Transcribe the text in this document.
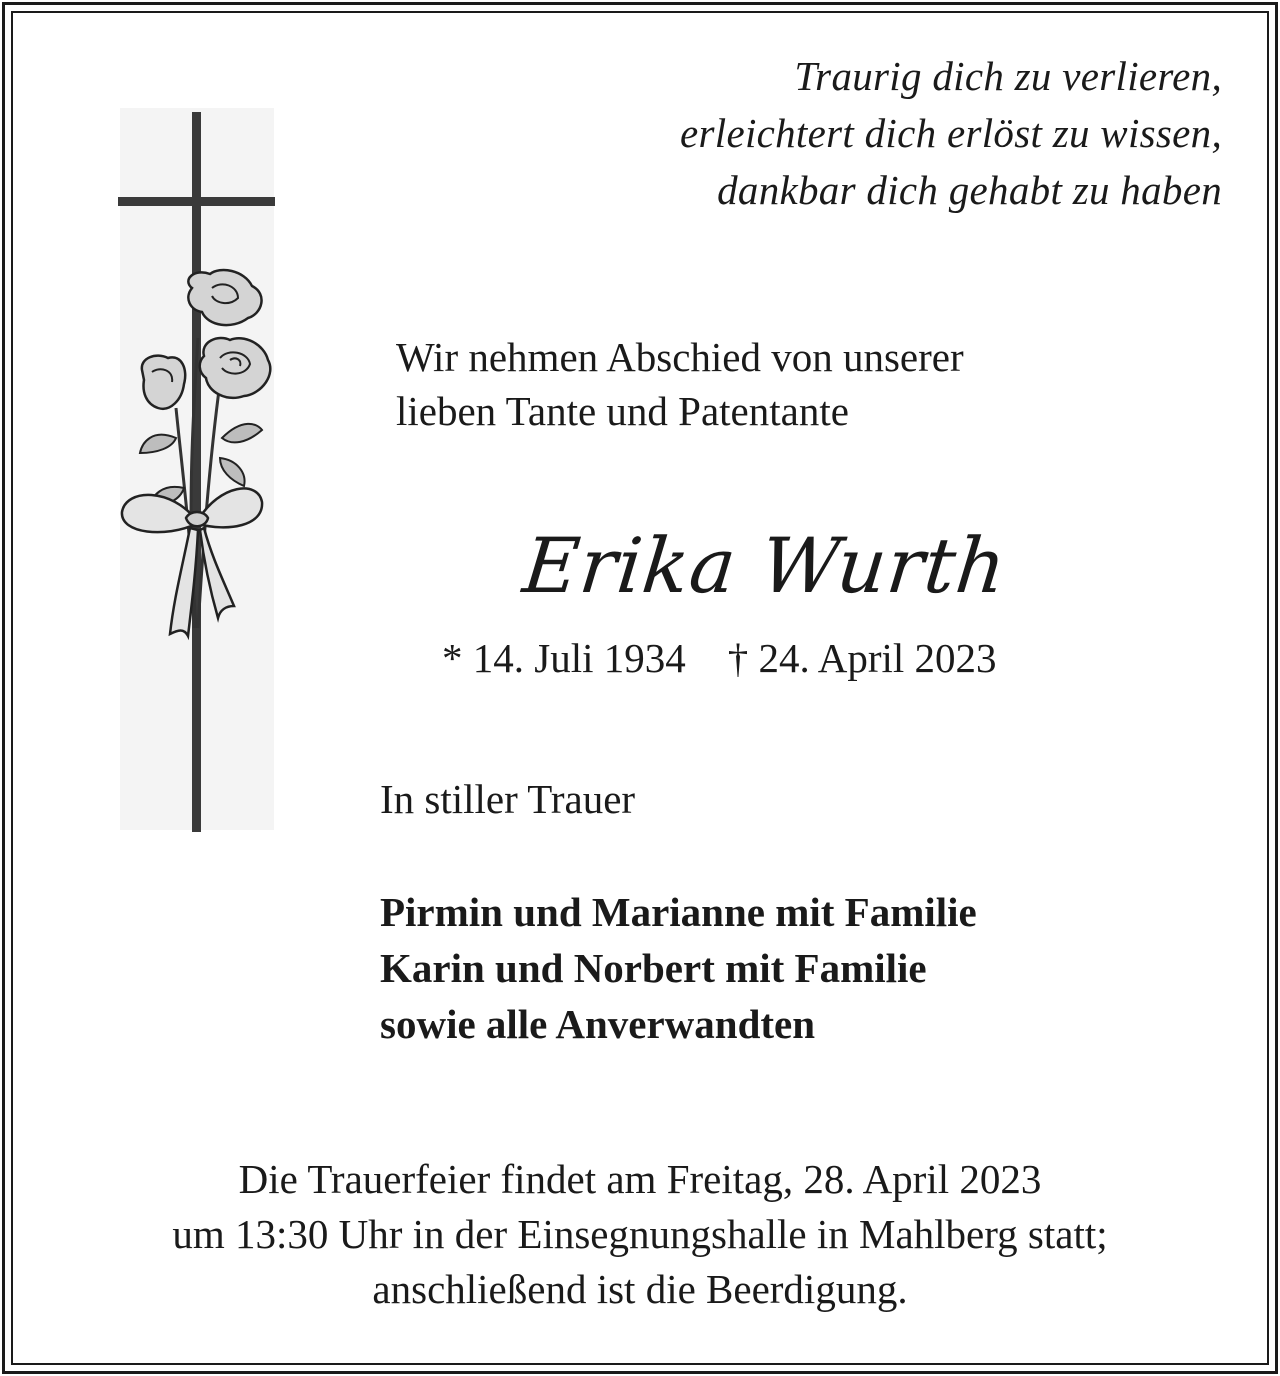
Traurig dich zu verlieren,
erleichtert dich erlöst zu wissen,
dankbar dich gehabt zu haben
Wir nehmen Abschied von unserer
lieben Tante und Patentante
Erika Wurth
* 14. Juli 1934 † 24. April 2023
In stiller Trauer
Pirmin und Marianne mit Familie
Karin und Norbert mit Familie
sowie alle Anverwandten
Die Trauerfeier findet am Freitag, 28. April 2023
um 13:30 Uhr in der Einsegnungshalle in Mahlberg statt;
anschließend ist die Beerdigung.
